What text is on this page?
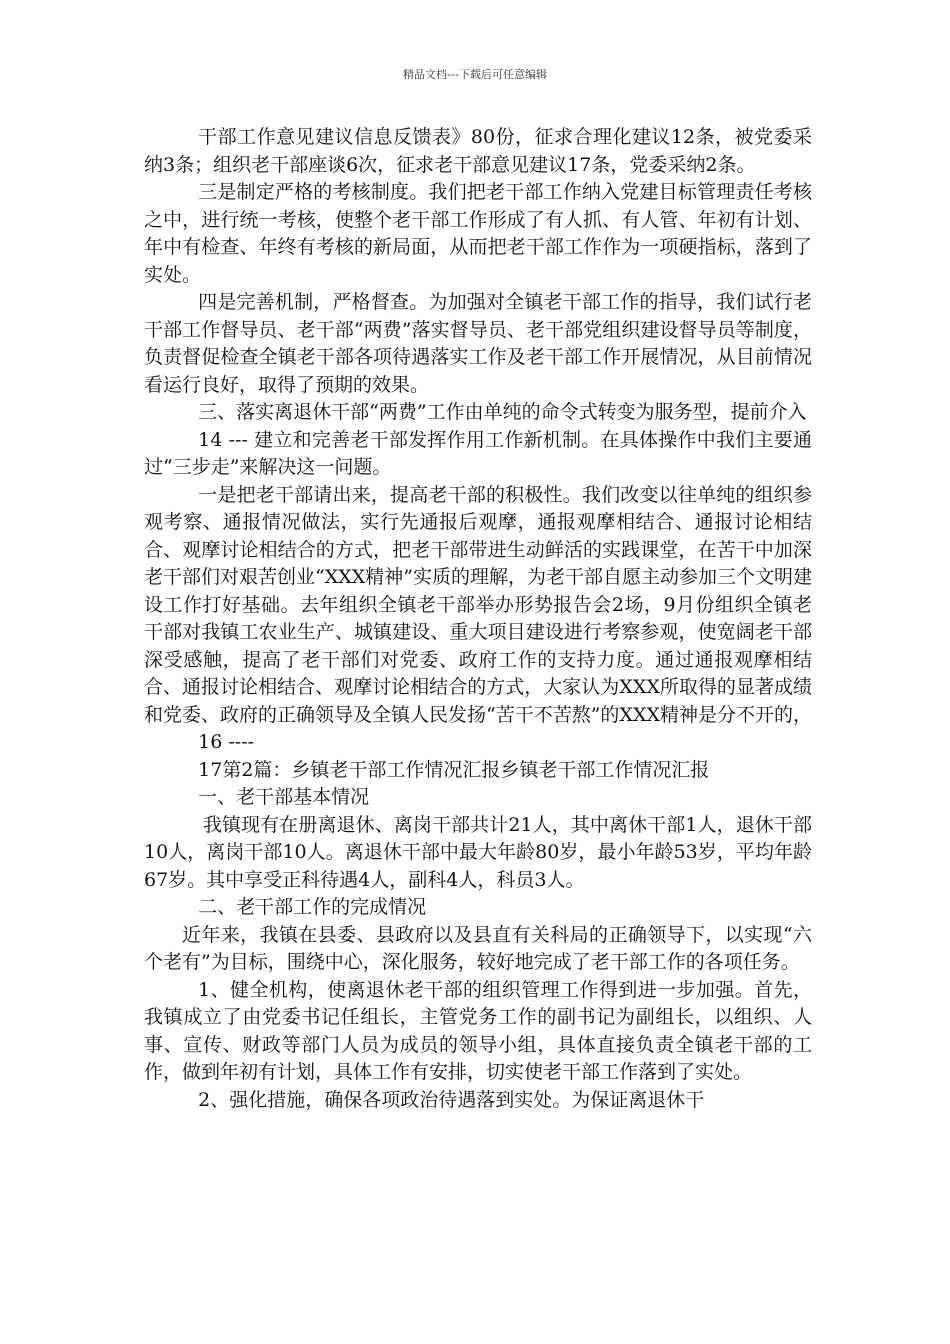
精品文档---下载后可任意编辑

干部工作意见建议信息反馈表》80份，征求合理化建议12条，被党委采纳3条；组织老干部座谈6次，征求老干部意见建议17条，党委采纳2条。

三是制定严格的考核制度。我们把老干部工作纳入党建目标管理责任考核之中，进行统一考核，使整个老干部工作形成了有人抓、有人管、年初有计划、年中有检查、年终有考核的新局面，从而把老干部工作作为一项硬指标，落到了实处。

四是完善机制，严格督查。为加强对全镇老干部工作的指导，我们试行老干部工作督导员、老干部“两费”落实督导员、老干部党组织建设督导员等制度，负责督促检查全镇老干部各项待遇落实工作及老干部工作开展情况，从目前情况看运行良好，取得了预期的效果。

三、落实离退休干部“两费”工作由单纯的命令式转变为服务型，提前介入

14 --- 建立和完善老干部发挥作用工作新机制。在具体操作中我们主要通过“三步走”来解决这一问题。

一是把老干部请出来，提高老干部的积极性。我们改变以往单纯的组织参观考察、通报情况做法，实行先通报后观摩，通报观摩相结合、通报讨论相结合、观摩讨论相结合的方式，把老干部带进生动鲜活的实践课堂，在苦干中加深老干部们对艰苦创业“XXX精神”实质的理解，为老干部自愿主动参加三个文明建设工作打好基础。去年组织全镇老干部举办形势报告会2场，9月份组织全镇老干部对我镇工农业生产、城镇建设、重大项目建设进行考察参观，使宽阔老干部深受感触，提高了老干部们对党委、政府工作的支持力度。通过通报观摩相结合、通报讨论相结合、观摩讨论相结合的方式，大家认为XXX所取得的显著成绩和党委、政府的正确领导及全镇人民发扬“苦干不苦熬”的XXX精神是分不开的，

16 ----

17第2篇：乡镇老干部工作情况汇报乡镇老干部工作情况汇报

一、老干部基本情况

我镇现有在册离退休、离岗干部共计21人，其中离休干部1人，退休干部10人，离岗干部10人。离退休干部中最大年龄80岁，最小年龄53岁，平均年龄67岁。其中享受正科待遇4人，副科4人，科员3人。

二、老干部工作的完成情况

近年来，我镇在县委、县政府以及县直有关科局的正确领导下，以实现“六个老有”为目标，围绕中心，深化服务，较好地完成了老干部工作的各项任务。

1、健全机构，使离退休老干部的组织管理工作得到进一步加强。首先，我镇成立了由党委书记任组长，主管党务工作的副书记为副组长，以组织、人事、宣传、财政等部门人员为成员的领导小组，具体直接负责全镇老干部的工作，做到年初有计划，具体工作有安排，切实使老干部工作落到了实处。

2、强化措施，确保各项政治待遇落到实处。为保证离退休干
